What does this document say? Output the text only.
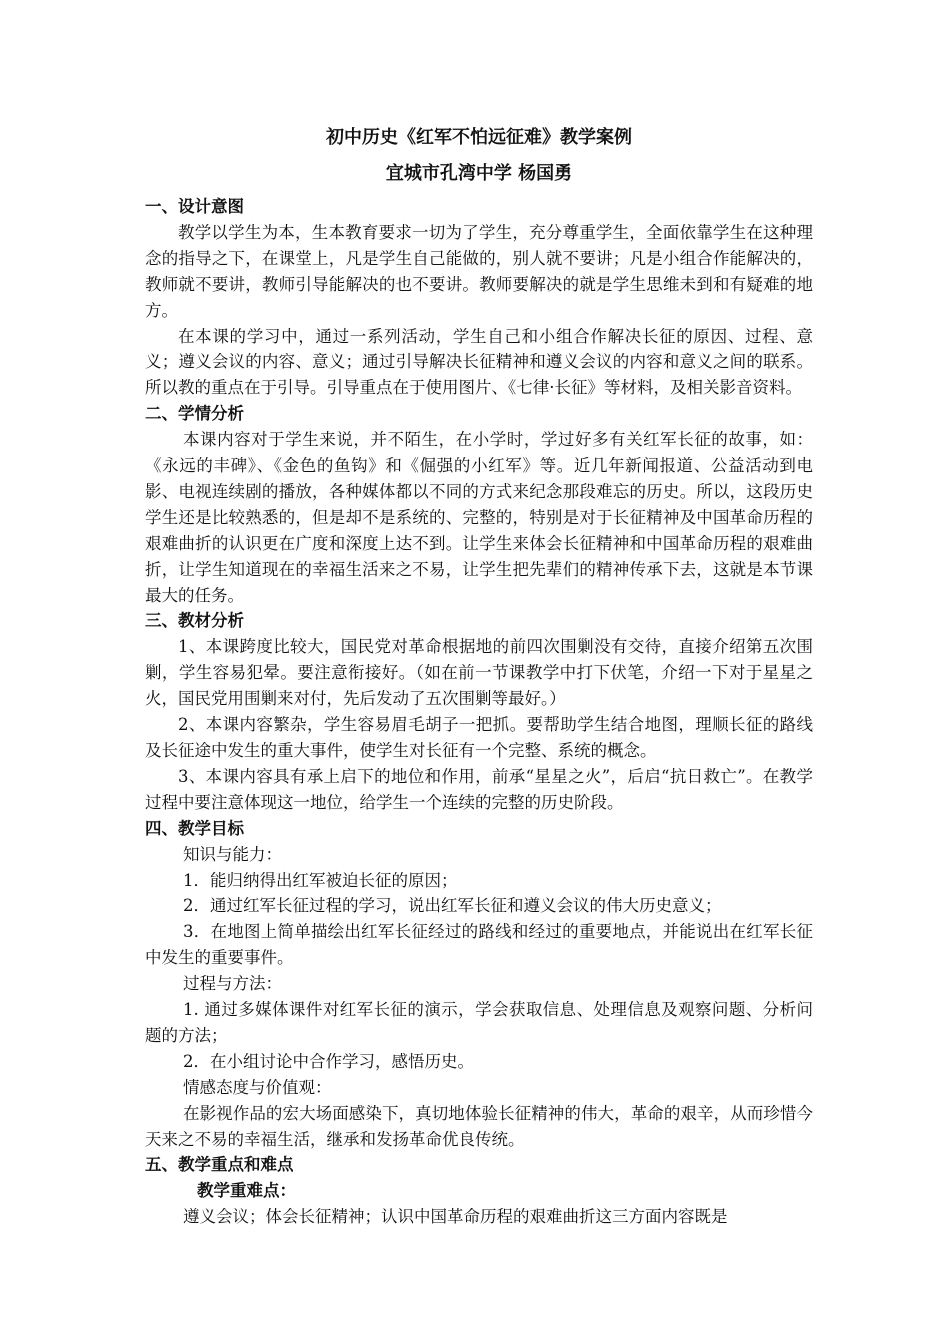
初中历史《红军不怕远征难》教学案例
宜城市孔湾中学 杨国勇
一、设计意图

教学以学生为本，生本教育要求一切为了学生，充分尊重学生，全面依靠学生在这种理念的指导之下，在课堂上，凡是学生自己能做的，别人就不要讲；凡是小组合作能解决的，教师就不要讲，教师引导能解决的也不要讲。教师要解决的就是学生思维未到和有疑难的地方。

在本课的学习中，通过一系列活动，学生自己和小组合作解决长征的原因、过程、意义；遵义会议的内容、意义；通过引导解决长征精神和遵义会议的内容和意义之间的联系。所以教的重点在于引导。引导重点在于使用图片、《七律·长征》等材料，及相关影音资料。

二、学情分析

本课内容对于学生来说，并不陌生，在小学时，学过好多有关红军长征的故事，如：《永远的丰碑》、《金色的鱼钩》和《倔强的小红军》等。近几年新闻报道、公益活动到电影、电视连续剧的播放，各种媒体都以不同的方式来纪念那段难忘的历史。所以，这段历史学生还是比较熟悉的，但是却不是系统的、完整的，特别是对于长征精神及中国革命历程的艰难曲折的认识更在广度和深度上达不到。让学生来体会长征精神和中国革命历程的艰难曲折，让学生知道现在的幸福生活来之不易，让学生把先辈们的精神传承下去，这就是本节课最大的任务。

三、教材分析

1、本课跨度比较大，国民党对革命根据地的前四次围剿没有交待，直接介绍第五次围剿，学生容易犯晕。要注意衔接好。（如在前一节课教学中打下伏笔，介绍一下对于星星之火，国民党用围剿来对付，先后发动了五次围剿等最好。）

2、本课内容繁杂，学生容易眉毛胡子一把抓。要帮助学生结合地图，理顺长征的路线及长征途中发生的重大事件，使学生对长征有一个完整、系统的概念。

3、本课内容具有承上启下的地位和作用，前承“星星之火”，后启“抗日救亡”。在教学过程中要注意体现这一地位，给学生一个连续的完整的历史阶段。

四、教学目标
知识与能力：

1．能归纳得出红军被迫长征的原因；

2．通过红军长征过程的学习，说出红军长征和遵义会议的伟大历史意义；

3．在地图上简单描绘出红军长征经过的路线和经过的重要地点，并能说出在红军长征中发生的重要事件。

过程与方法：

1. 通过多媒体课件对红军长征的演示，学会获取信息、处理信息及观察问题、分析问题的方法；

2．在小组讨论中合作学习，感悟历史。

情感态度与价值观：

在影视作品的宏大场面感染下，真切地体验长征精神的伟大，革命的艰辛，从而珍惜今天来之不易的幸福生活，继承和发扬革命优良传统。

五、教学重点和难点
教学重难点：

遵义会议；体会长征精神；认识中国革命历程的艰难曲折这三方面内容既是
